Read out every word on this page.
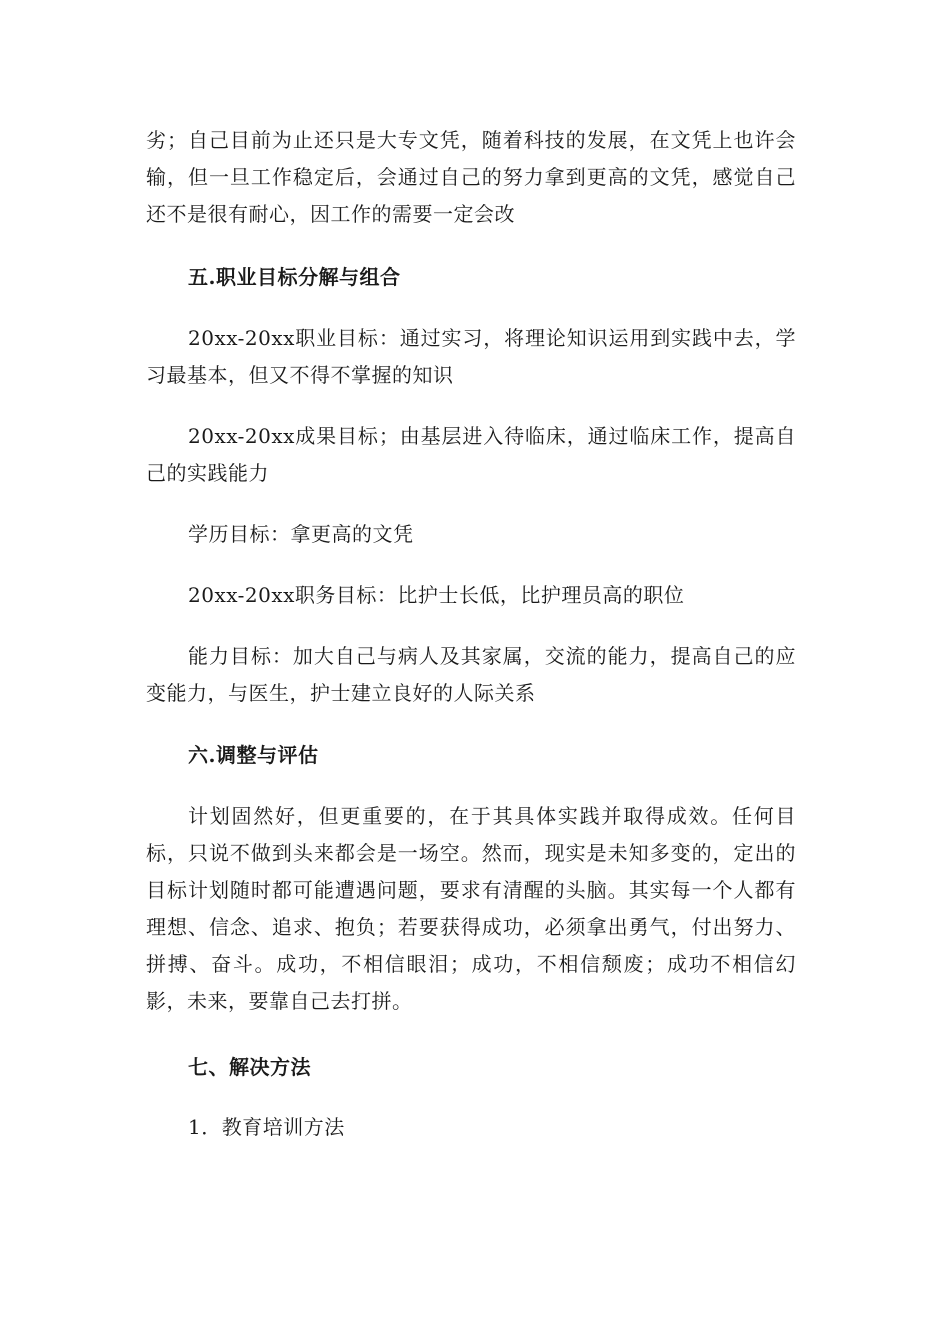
劣；自己目前为止还只是大专文凭，随着科技的发展，在文凭上也许会输，但一旦工作稳定后，会通过自己的努力拿到更高的文凭，感觉自己还不是很有耐心，因工作的需要一定会改
五.职业目标分解与组合
20xx-20xx职业目标：通过实习，将理论知识运用到实践中去，学习最基本，但又不得不掌握的知识
20xx-20xx成果目标；由基层进入待临床，通过临床工作，提高自己的实践能力
学历目标：拿更高的文凭
20xx-20xx职务目标：比护士长低，比护理员高的职位
能力目标：加大自己与病人及其家属，交流的能力，提高自己的应变能力，与医生，护士建立良好的人际关系
六.调整与评估
计划固然好，但更重要的，在于其具体实践并取得成效。任何目标，只说不做到头来都会是一场空。然而，现实是未知多变的，定出的目标计划随时都可能遭遇问题，要求有清醒的头脑。其实每一个人都有理想、信念、追求、抱负；若要获得成功，必须拿出勇气，付出努力、拼搏、奋斗。成功，不相信眼泪；成功，不相信颓废；成功不相信幻影，未来，要靠自己去打拼。
七、解决方法
1．教育培训方法
